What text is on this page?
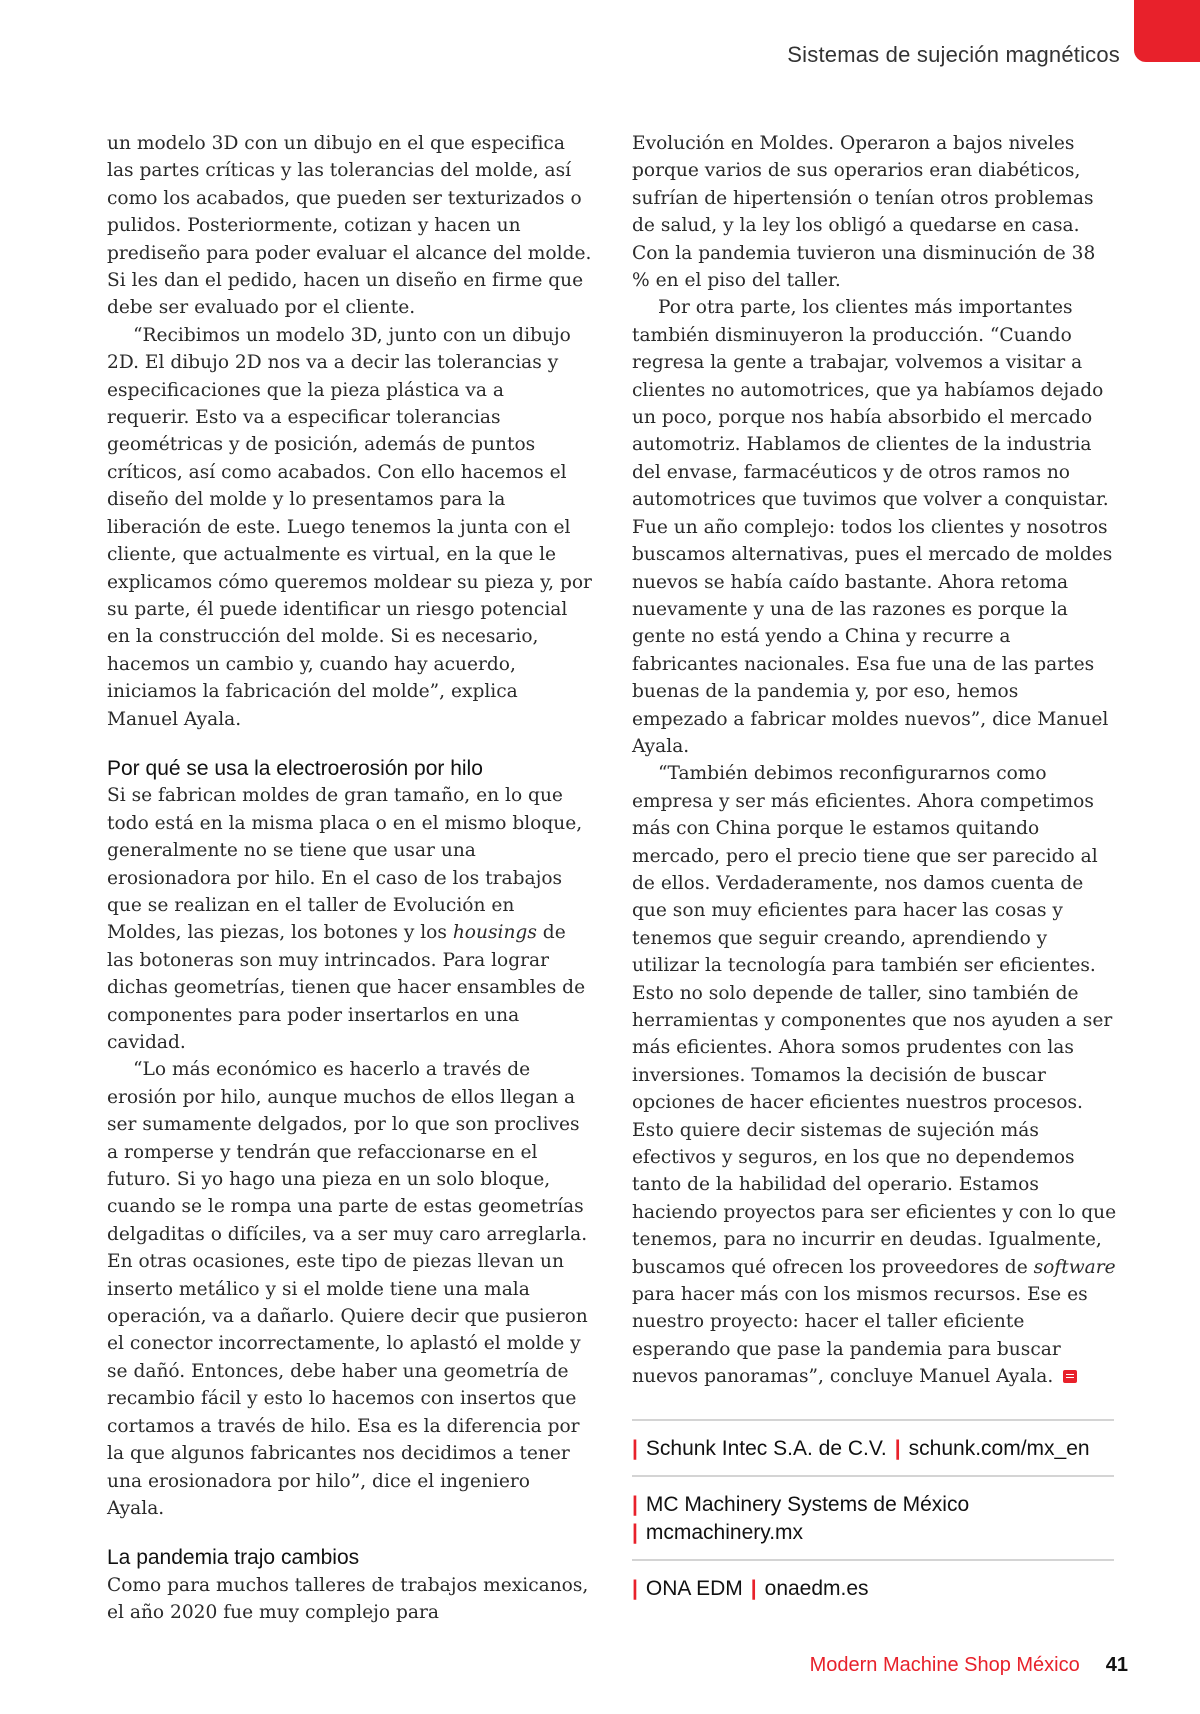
Sistemas de sujeción magnéticos

un modelo 3D con un dibujo en el que especifica las partes críticas y las tolerancias del molde, así como los acabados, que pueden ser texturizados o pulidos. Posteriormente, cotizan y hacen un prediseño para poder evaluar el alcance del molde. Si les dan el pedido, hacen un diseño en firme que debe ser evaluado por el cliente.

“Recibimos un modelo 3D, junto con un dibujo 2D. El dibujo 2D nos va a decir las tolerancias y especificaciones que la pieza plástica va a requerir. Esto va a especificar tolerancias geométricas y de posición, además de puntos críticos, así como acabados. Con ello hacemos el diseño del molde y lo presentamos para la liberación de este. Luego tenemos la junta con el cliente, que actualmente es virtual, en la que le explicamos cómo queremos moldear su pieza y, por su parte, él puede identificar un riesgo potencial en la construcción del molde. Si es necesario, hacemos un cambio y, cuando hay acuerdo, iniciamos la fabricación del molde”, explica Manuel Ayala.

Por qué se usa la electroerosión por hilo

Si se fabrican moldes de gran tamaño, en lo que todo está en la misma placa o en el mismo bloque, generalmente no se tiene que usar una erosionadora por hilo. En el caso de los trabajos que se realizan en el taller de Evolución en Moldes, las piezas, los botones y los housings de las botoneras son muy intrincados. Para lograr dichas geometrías, tienen que hacer ensambles de componentes para poder insertarlos en una cavidad.

“Lo más económico es hacerlo a través de erosión por hilo, aunque muchos de ellos llegan a ser sumamente delgados, por lo que son proclives a romperse y tendrán que refaccionarse en el futuro. Si yo hago una pieza en un solo bloque, cuando se le rompa una parte de estas geometrías delgaditas o difíciles, va a ser muy caro arreglarla. En otras ocasiones, este tipo de piezas llevan un inserto metálico y si el molde tiene una mala operación, va a dañarlo. Quiere decir que pusieron el conector incorrectamente, lo aplastó el molde y se dañó. Entonces, debe haber una geometría de recambio fácil y esto lo hacemos con insertos que cortamos a través de hilo. Esa es la diferencia por la que algunos fabricantes nos decidimos a tener una erosionadora por hilo”, dice el ingeniero Ayala.

La pandemia trajo cambios

Como para muchos talleres de trabajos mexicanos, el año 2020 fue muy complejo para

Evolución en Moldes. Operaron a bajos niveles porque varios de sus operarios eran diabéticos, sufrían de hipertensión o tenían otros problemas de salud, y la ley los obligó a quedarse en casa. Con la pandemia tuvieron una disminución de 38 % en el piso del taller.

Por otra parte, los clientes más importantes también disminuyeron la producción. “Cuando regresa la gente a trabajar, volvemos a visitar a clientes no automotrices, que ya habíamos dejado un poco, porque nos había absorbido el mercado automotriz. Hablamos de clientes de la industria del envase, farmacéuticos y de otros ramos no automotrices que tuvimos que volver a conquistar. Fue un año complejo: todos los clientes y nosotros buscamos alternativas, pues el mercado de moldes nuevos se había caído bastante. Ahora retoma nuevamente y una de las razones es porque la gente no está yendo a China y recurre a fabricantes nacionales. Esa fue una de las partes buenas de la pandemia y, por eso, hemos empezado a fabricar moldes nuevos”, dice Manuel Ayala.

“También debimos reconfigurarnos como empresa y ser más eficientes. Ahora competimos más con China porque le estamos quitando mercado, pero el precio tiene que ser parecido al de ellos. Verdaderamente, nos damos cuenta de que son muy eficientes para hacer las cosas y tenemos que seguir creando, aprendiendo y utilizar la tecnología para también ser eficientes. Esto no solo depende de taller, sino también de herramientas y componentes que nos ayuden a ser más eficientes. Ahora somos prudentes con las inversiones. Tomamos la decisión de buscar opciones de hacer eficientes nuestros procesos. Esto quiere decir sistemas de sujeción más efectivos y seguros, en los que no dependemos tanto de la habilidad del operario. Estamos haciendo proyectos para ser eficientes y con lo que tenemos, para no incurrir en deudas. Igualmente, buscamos qué ofrecen los proveedores de software para hacer más con los mismos recursos. Ese es nuestro proyecto: hacer el taller eficiente esperando que pase la pandemia para buscar nuevos panoramas”, concluye Manuel Ayala.

| Schunk Intec S.A. de C.V. | schunk.com/mx_en
| MC Machinery Systems de México
| mcmachinery.mx
| ONA EDM | onaedm.es
Modern Machine Shop México 41
